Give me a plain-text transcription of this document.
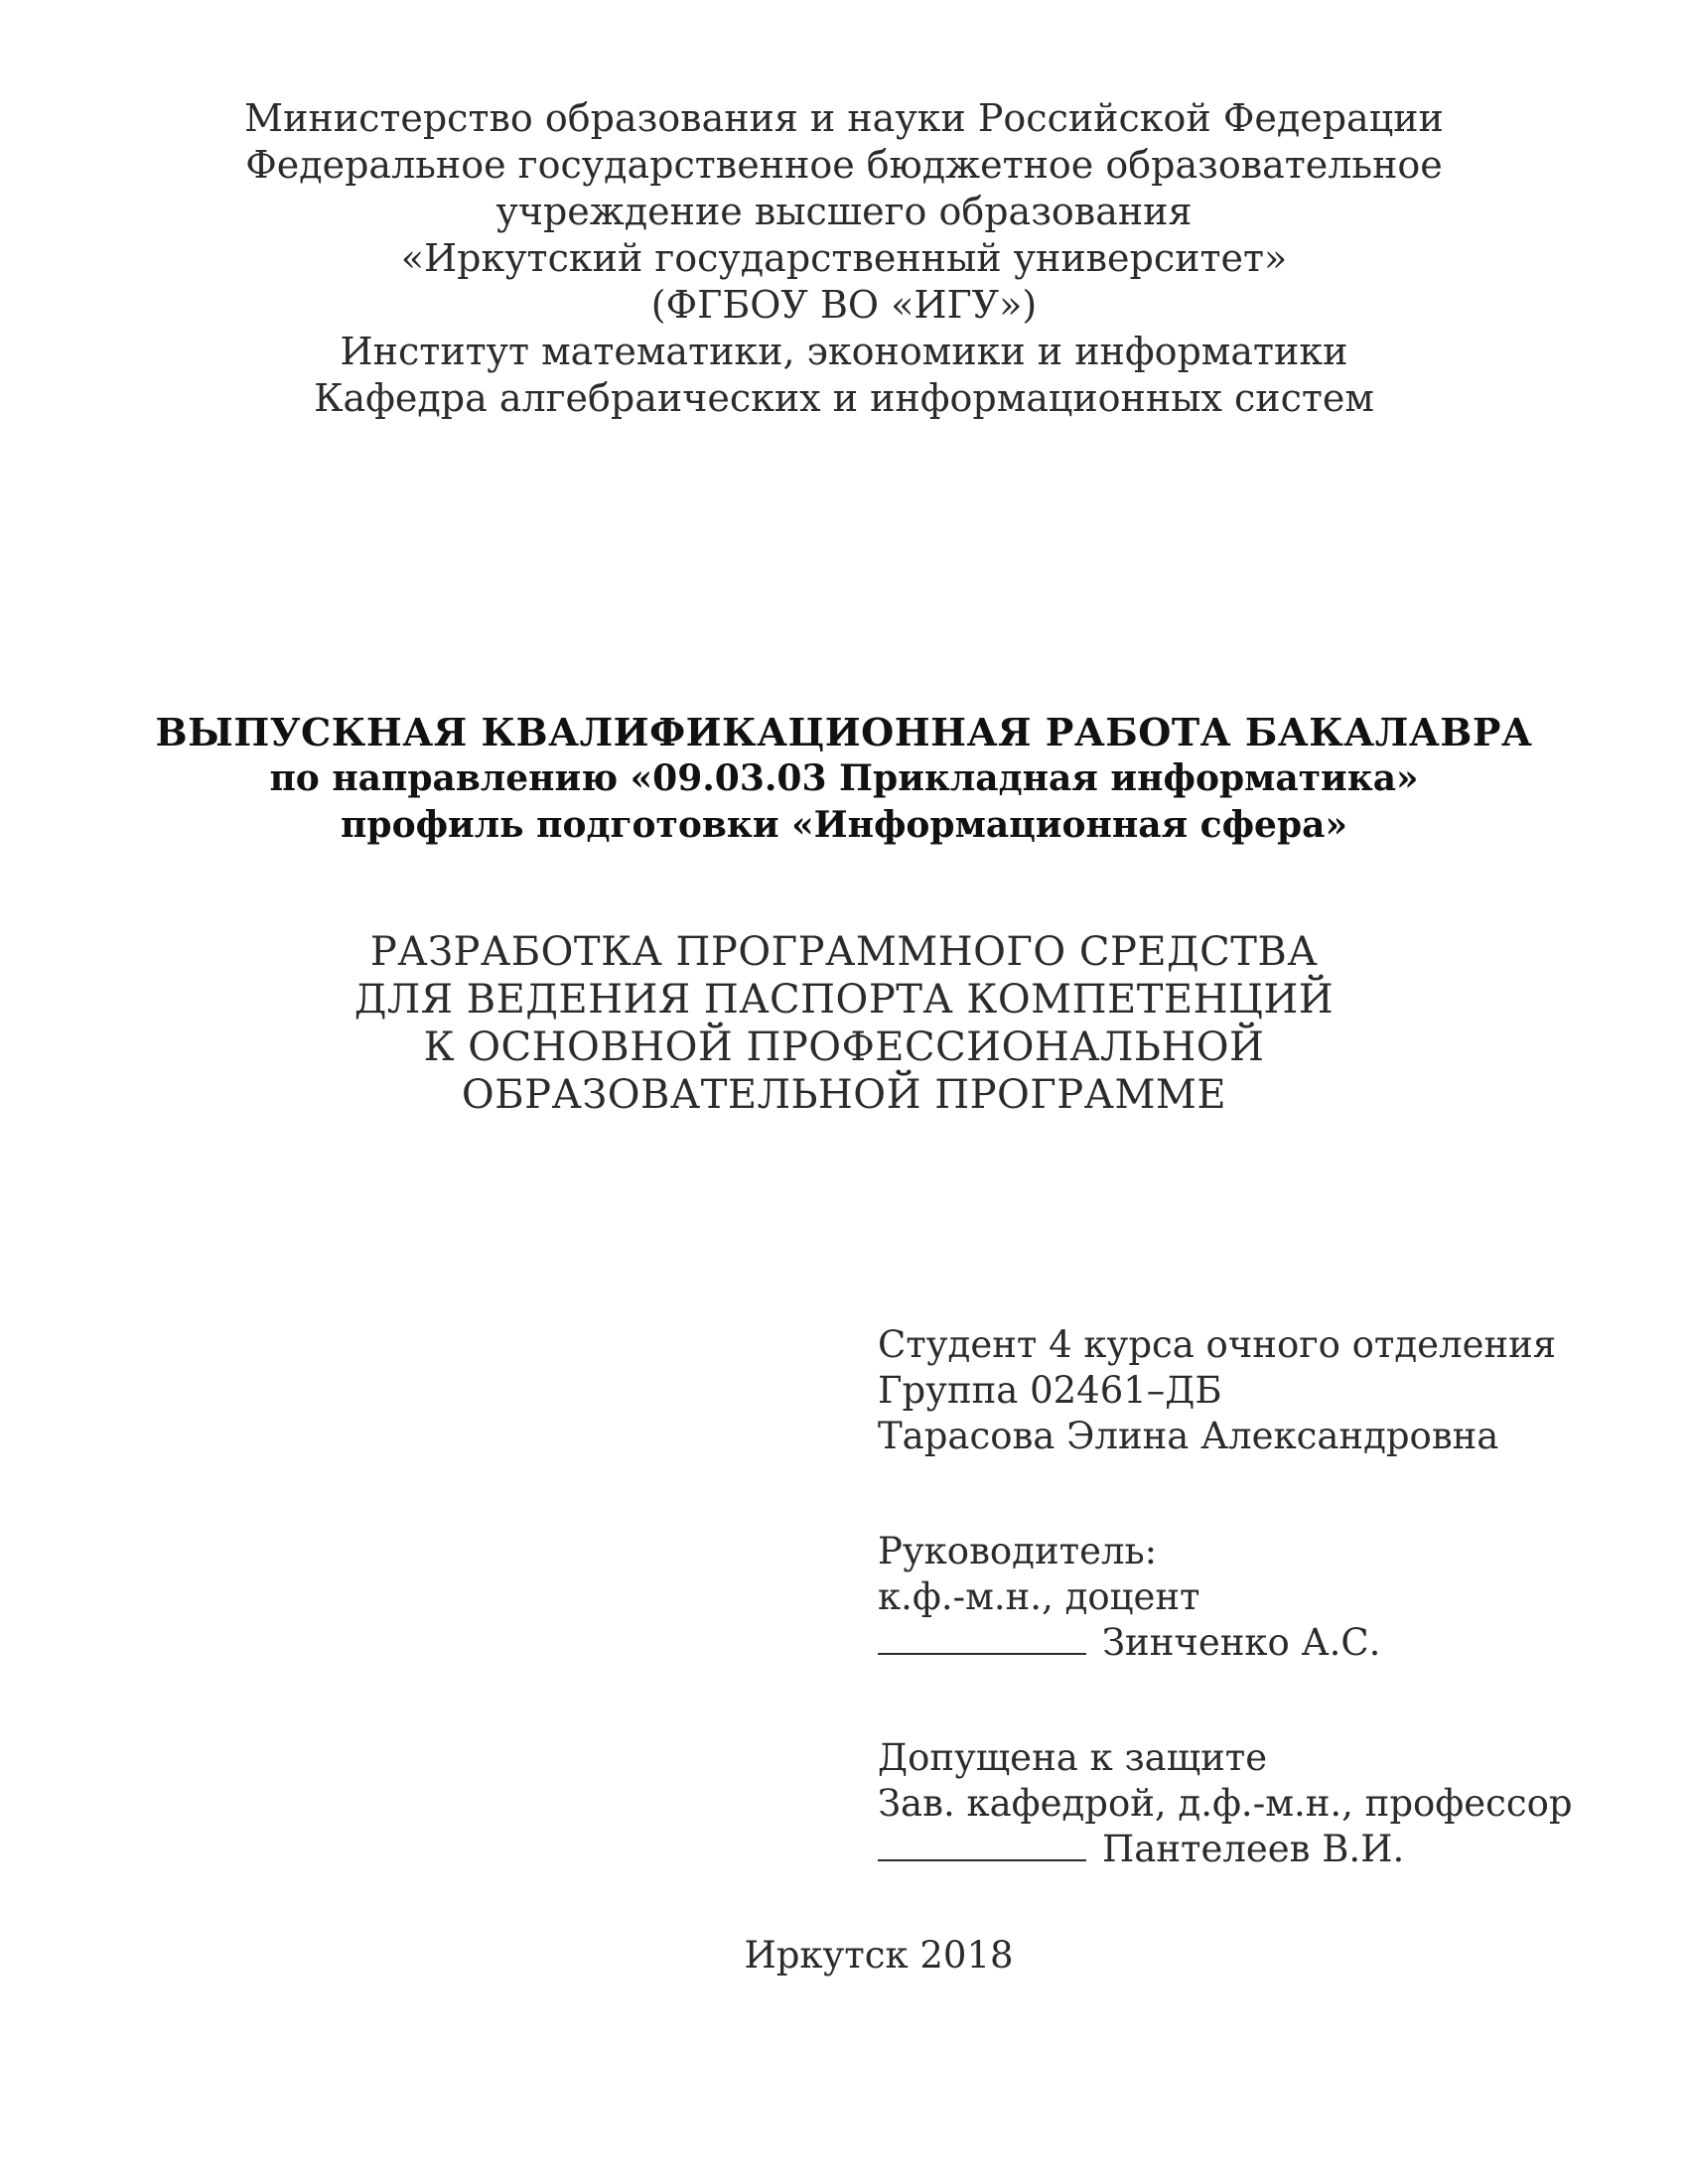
Министерство образования и науки Российской Федерации
Федеральное государственное бюджетное образовательное
учреждение высшего образования
«Иркутский государственный университет»
(ФГБОУ ВО «ИГУ»)
Институт математики, экономики и информатики
Кафедра алгебраических и информационных систем
ВЫПУСКНАЯ КВАЛИФИКАЦИОННАЯ РАБОТА БАКАЛАВРА
по направлению «09.03.03 Прикладная информатика»
профиль подготовки «Информационная сфера»
РАЗРАБОТКА ПРОГРАММНОГО СРЕДСТВА
ДЛЯ ВЕДЕНИЯ ПАСПОРТА КОМПЕТЕНЦИЙ
К ОСНОВНОЙ ПРОФЕССИОНАЛЬНОЙ
ОБРАЗОВАТЕЛЬНОЙ ПРОГРАММЕ
Студент 4 курса очного отделения
Группа 02461–ДБ
Тарасова Элина Александровна
Руководитель:
к.ф.-м.н., доцент
Зинченко А.С.
Допущена к защите
Зав. кафедрой, д.ф.-м.н., профессор
Пантелеев В.И.
Иркутск 2018
